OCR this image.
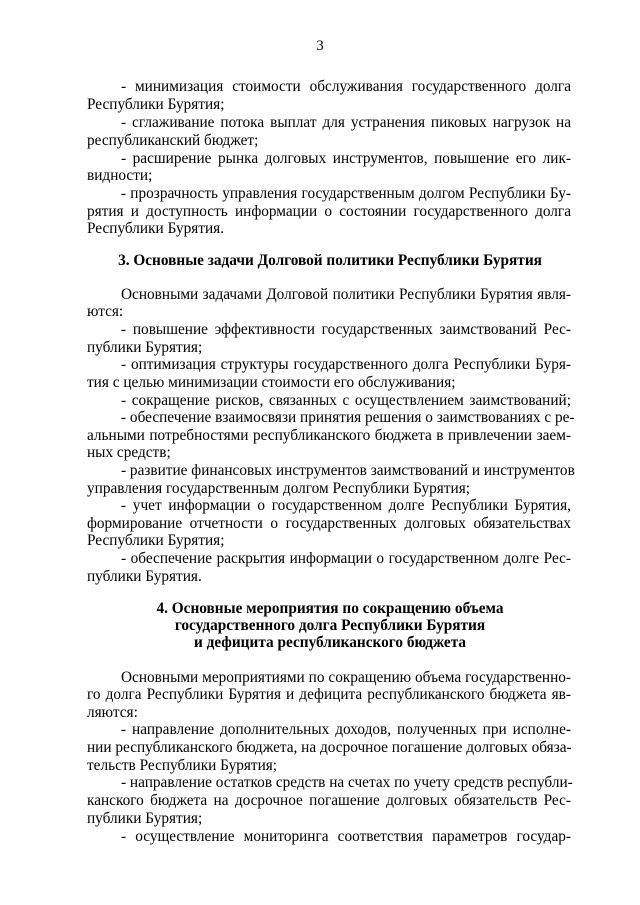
3
- минимизация стоимости обслуживания государственного долга
Республики Бурятия;
- сглаживание потока выплат для устранения пиковых нагрузок на
республиканский бюджет;
- расширение рынка долговых инструментов, повышение его лик-
видности;
- прозрачность управления государственным долгом Республики Бу-
рятия и доступность информации о состоянии государственного долга
Республики Бурятия.
3. Основные задачи Долговой политики Республики Бурятия
Основными задачами Долговой политики Республики Бурятия явля-
ются:
- повышение эффективности государственных заимствований Рес-
публики Бурятия;
- оптимизация структуры государственного долга Республики Буря-
тия с целью минимизации стоимости его обслуживания;
- сокращение рисков, связанных с осуществлением заимствований;
- обеспечение взаимосвязи принятия решения о заимствованиях с ре-
альными потребностями республиканского бюджета в привлечении заем-
ных средств;
- развитие финансовых инструментов заимствований и инструментов
управления государственным долгом Республики Бурятия;
- учет информации о государственном долге Республики Бурятия,
формирование отчетности о государственных долговых обязательствах
Республики Бурятия;
- обеспечение раскрытия информации о государственном долге Рес-
публики Бурятия.
4. Основные мероприятия по сокращению объема
государственного долга Республики Бурятия
и дефицита республиканского бюджета
Основными мероприятиями по сокращению объема государственно-
го долга Республики Бурятия и дефицита республиканского бюджета яв-
ляются:
- направление дополнительных доходов, полученных при исполне-
нии республиканского бюджета, на досрочное погашение долговых обяза-
тельств Республики Бурятия;
- направление остатков средств на счетах по учету средств республи-
канского бюджета на досрочное погашение долговых обязательств Рес-
публики Бурятия;
- осуществление мониторинга соответствия параметров государ-
